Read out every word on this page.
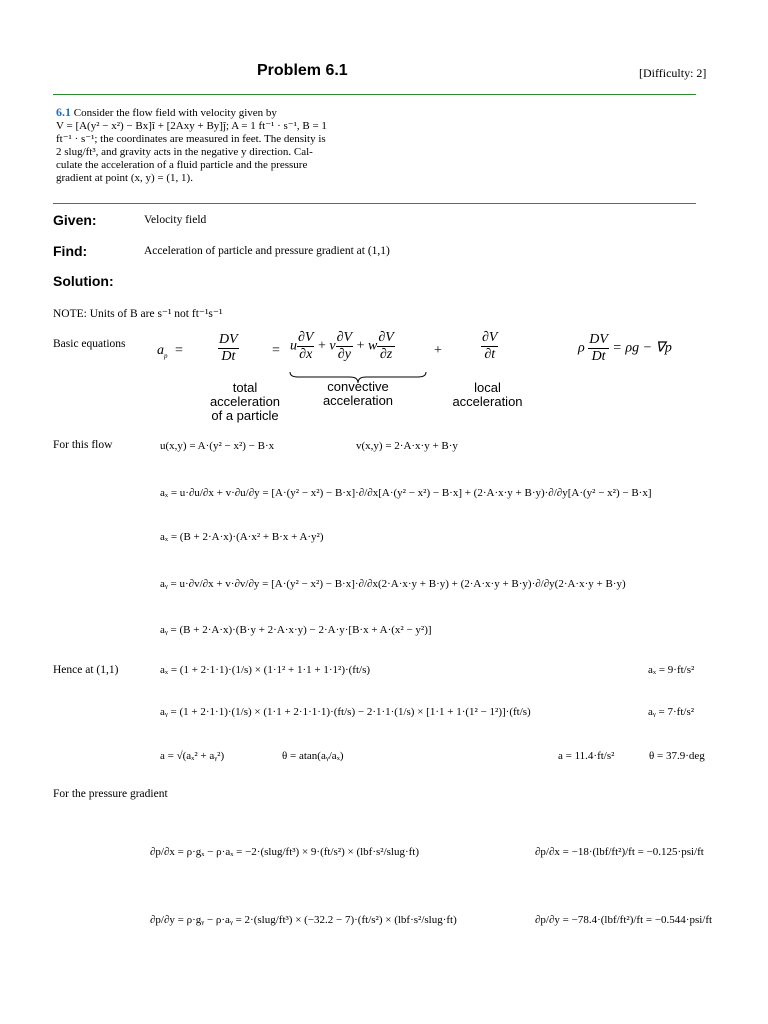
Problem 6.1	[Difficulty: 2]
6.1 Consider the flow field with velocity given by
V = [A(y² − x²) − Bx]î + [2Axy + By]ĵ; A = 1 ft⁻¹ · s⁻¹, B = 1
ft⁻¹ · s⁻¹; the coordinates are measured in feet. The density is
2 slug/ft³, and gravity acts in the negative y direction. Cal-
culate the acceleration of a fluid particle and the pressure
gradient at point (x, y) = (1, 1).
Given:	Velocity field
Find:	Acceleration of particle and pressure gradient at (1,1)
Solution:
NOTE: Units of B are s⁻¹ not ft⁻¹s⁻¹
Basic equations $a_p$ =	$\frac{DV}{Dt} = u \frac{\partial V}{\partial x} + v \frac{\partial V}{\partial y} + w \frac{\partial V}{\partial z}$	+	$\frac{\partial V}{\partial t}$	ρ $\frac{DV}{Dt} = \rho g - \nabla p$
total
acceleration
of a particle
convective
acceleration
local
acceleration
For this flow	u(x,y) = A·(y² − x²) − B·x	v(x,y) = 2·A·x·y + B·y
aₓ = u·∂u/∂x + v·∂u/∂y = [A·(y² − x²) − B·x]·∂/∂x[A·(y² − x²) − B·x] + (2·A·x·y + B·y)·∂/∂y[A·(y² − x²) − B·x]
aₓ = (B + 2·A·x)·(A·x² + B·x + A·y²)
aᵧ = u·∂v/∂x + v·∂v/∂y = [A·(y² − x²) − B·x]·∂/∂x(2·A·x·y + B·y) + (2·A·x·y + B·y)·∂/∂y(2·A·x·y + B·y)
aᵧ = (B + 2·A·x)·(B·y + 2·A·x·y) − 2·A·y·[B·x + A·(x² − y²)]
Hence at (1,1)	aₓ = (1 + 2·1·1)·(1/s) × (1·1² + 1·1 + 1·1²)·(ft/s)	aₓ = 9·ft/s²
aᵧ = (1 + 2·1·1)·(1/s) × (1·1 + 2·1·1·1)·(ft/s) − 2·1·1·(1/s) × [1·1 + 1·(1² − 1²)]·(ft/s)	aᵧ = 7·ft/s²
a = √(aₓ² + aᵧ²)	θ = atan(aᵧ/aₓ)	a = 11.4·ft/s²	θ = 37.9·deg
For the pressure gradient
∂p/∂x = ρ·gₓ − ρ·aₓ = −2·(slug/ft³) × 9·(ft/s²) × (lbf·s²/slug·ft)	∂p/∂x = −18·(lbf/ft²)/ft = −0.125·psi/ft
∂p/∂y = ρ·gᵧ − ρ·aᵧ = 2·(slug/ft³) × (−32.2 − 7)·(ft/s²) × (lbf·s²/slug·ft)	∂p/∂y = −78.4·(lbf/ft²)/ft = −0.544·psi/ft
